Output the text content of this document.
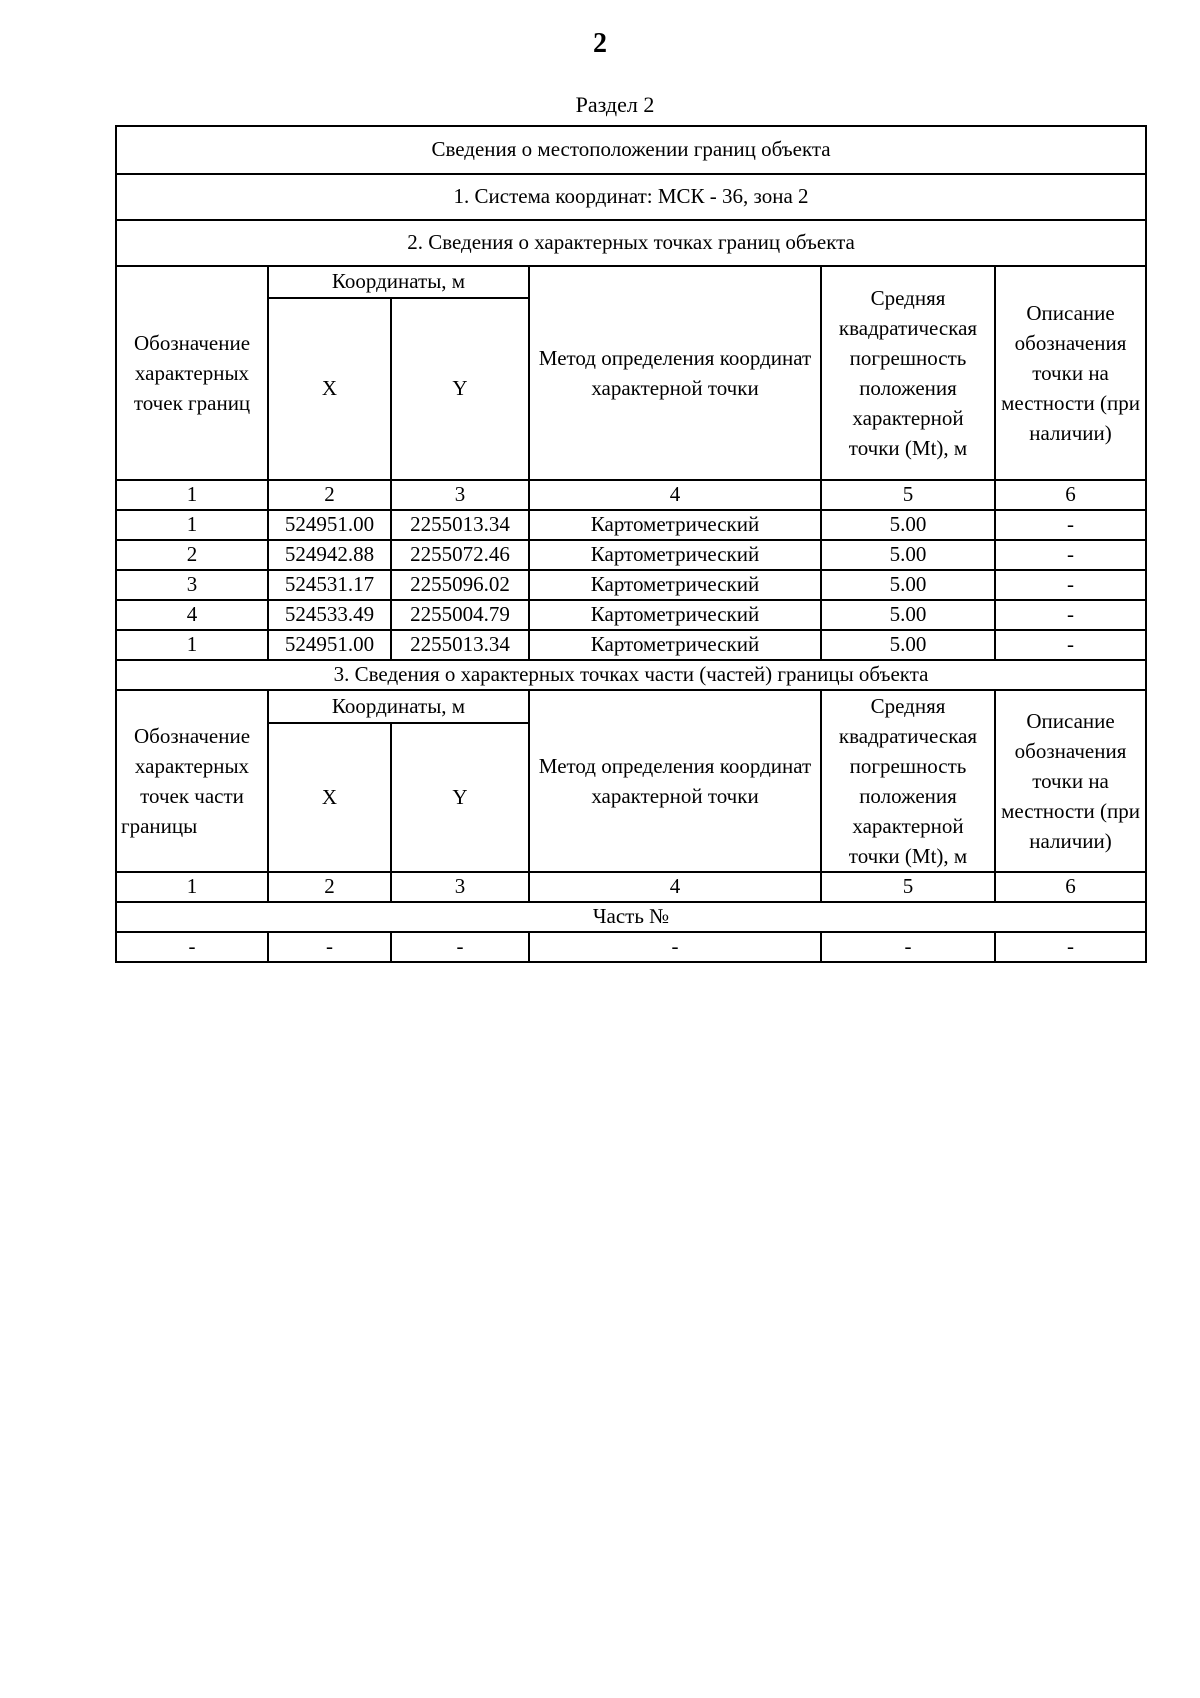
2
Раздел 2
Сведения о местоположении границ объекта					
1. Система координат: МСК - 36, зона 2					
2. Сведения о характерных точках границ объекта					
Обозначение характерных точек границ	Координаты, м		Метод определения координат характерной точки	Средняя квадратическая погрешность положения характерной точки (Mt), м	Описание обозначения точки на местности (при наличии)
	X	Y			
1	2	3	4	5	6
1	524951.00	2255013.34	Картометрический	5.00	-
2	524942.88	2255072.46	Картометрический	5.00	-
3	524531.17	2255096.02	Картометрический	5.00	-
4	524533.49	2255004.79	Картометрический	5.00	-
1	524951.00	2255013.34	Картометрический	5.00	-
3. Сведения о характерных точках части (частей) границы объекта					
Обозначение характерных точек части границы	Координаты, м		Метод определения координат характерной точки	Средняя квадратическая погрешность положения характерной точки (Mt), м	Описание обозначения точки на местности (при наличии)
	X	Y			
1	2	3	4	5	6
Часть №					
-	-	-	-	-	-
